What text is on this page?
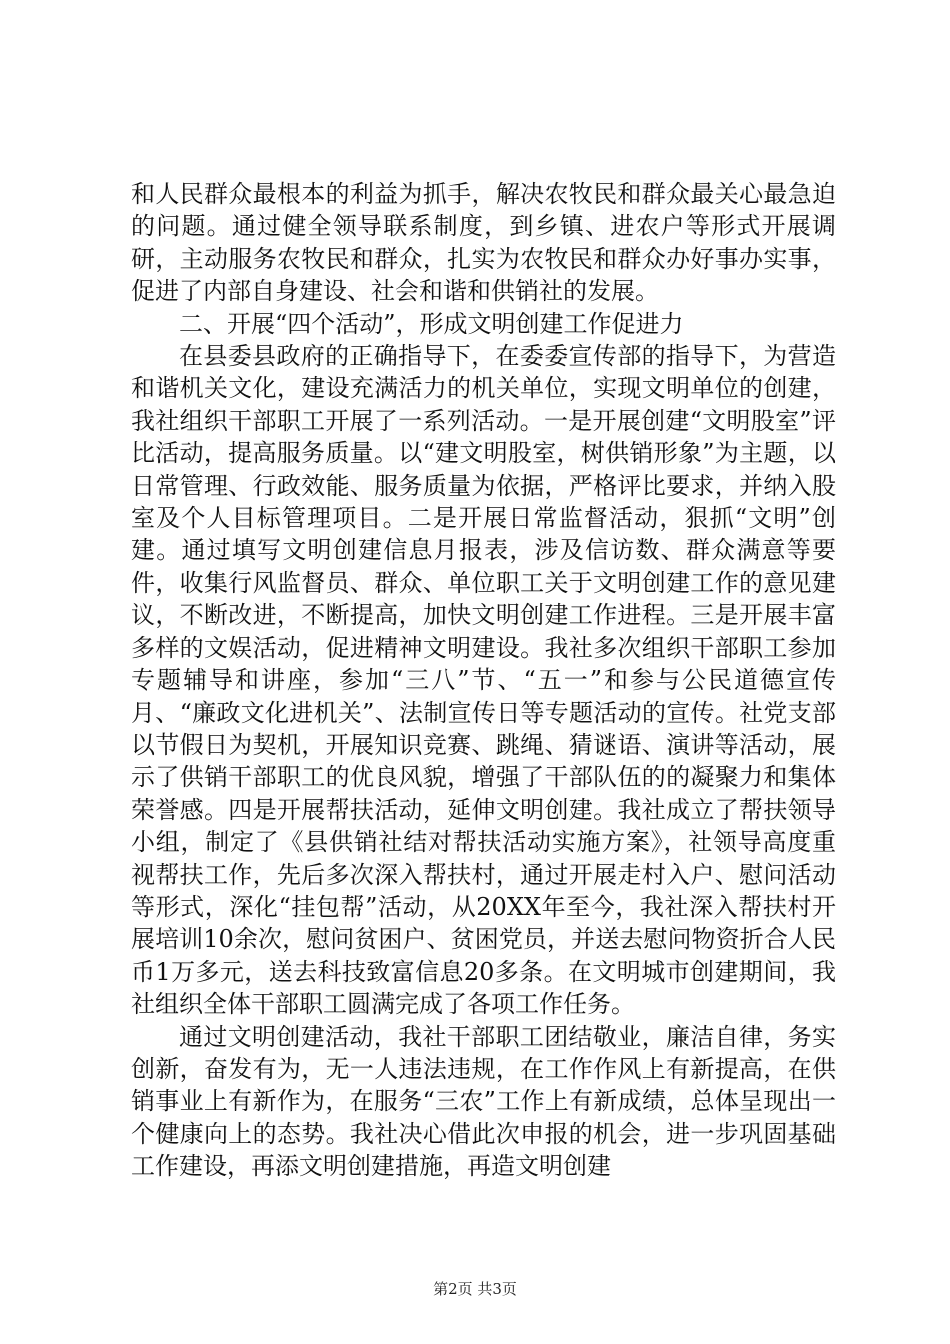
和人民群众最根本的利益为抓手，解决农牧民和群众最关心最急迫的问题。通过健全领导联系制度，到乡镇、进农户等形式开展调研，主动服务农牧民和群众，扎实为农牧民和群众办好事办实事，促进了内部自身建设、社会和谐和供销社的发展。

二、开展“四个活动”，形成文明创建工作促进力

在县委县政府的正确指导下，在委委宣传部的指导下，为营造和谐机关文化，建设充满活力的机关单位，实现文明单位的创建，我社组织干部职工开展了一系列活动。一是开展创建“文明股室”评比活动，提高服务质量。以“建文明股室，树供销形象”为主题，以日常管理、行政效能、服务质量为依据，严格评比要求，并纳入股室及个人目标管理项目。二是开展日常监督活动，狠抓“文明”创建。通过填写文明创建信息月报表，涉及信访数、群众满意等要件，收集行风监督员、群众、单位职工关于文明创建工作的意见建议，不断改进，不断提高，加快文明创建工作进程。三是开展丰富多样的文娱活动，促进精神文明建设。我社多次组织干部职工参加专题辅导和讲座，参加“三八”节、“五一”和参与公民道德宣传月、“廉政文化进机关”、法制宣传日等专题活动的宣传。社党支部以节假日为契机，开展知识竞赛、跳绳、猜谜语、演讲等活动，展示了供销干部职工的优良风貌，增强了干部队伍的的凝聚力和集体荣誉感。四是开展帮扶活动，延伸文明创建。我社成立了帮扶领导小组，制定了《县供销社结对帮扶活动实施方案》，社领导高度重视帮扶工作，先后多次深入帮扶村，通过开展走村入户、慰问活动等形式，深化“挂包帮”活动，从20XX年至今，我社深入帮扶村开展培训10余次，慰问贫困户、贫困党员，并送去慰问物资折合人民币1万多元，送去科技致富信息20多条。在文明城市创建期间，我社组织全体干部职工圆满完成了各项工作任务。

通过文明创建活动，我社干部职工团结敬业，廉洁自律，务实创新，奋发有为，无一人违法违规，在工作作风上有新提高，在供销事业上有新作为，在服务“三农”工作上有新成绩，总体呈现出一个健康向上的态势。我社决心借此次申报的机会，进一步巩固基础工作建设，再添文明创建措施，再造文明创建

第2页 共3页
